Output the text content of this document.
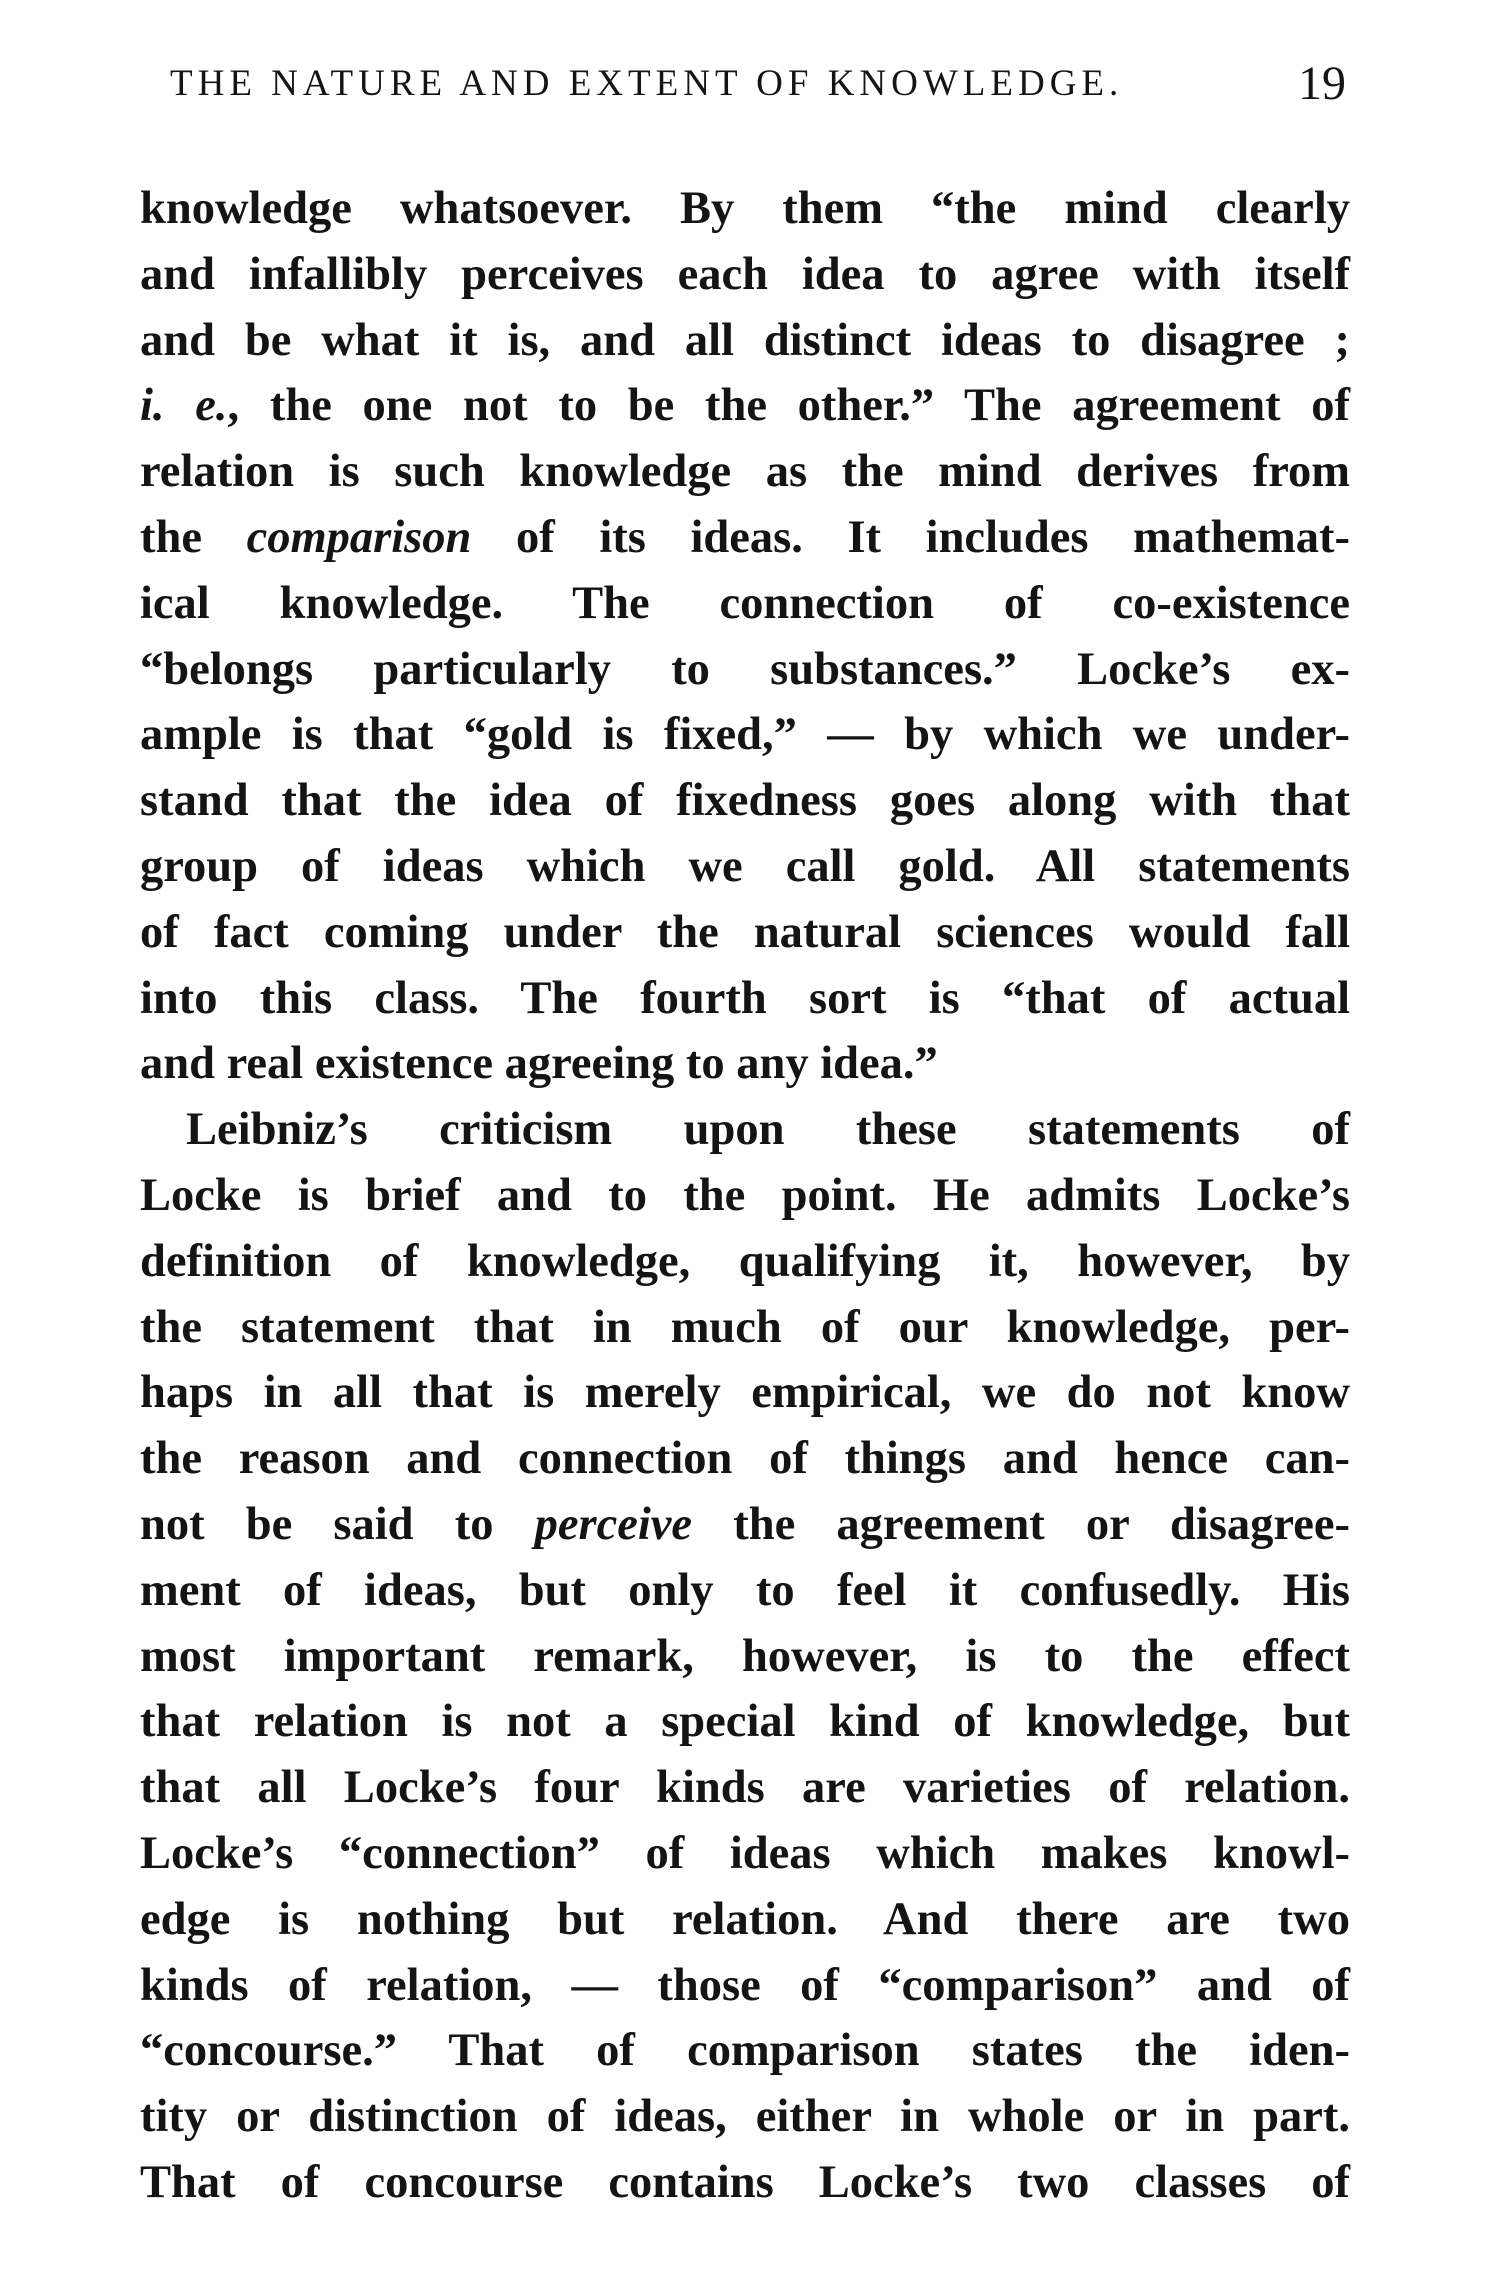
THE NATURE AND EXTENT OF KNOWLEDGE.	19

knowledge whatsoever. By them “the mind clearly
and infallibly perceives each idea to agree with itself
and be what it is, and all distinct ideas to disagree ;
i. e., the one not to be the other.” The agreement of
relation is such knowledge as the mind derives from
the comparison of its ideas. It includes mathemat-
ical knowledge. The connection of co-existence
“belongs particularly to substances.” Locke’s ex-
ample is that “gold is fixed,” — by which we under-
stand that the idea of fixedness goes along with that
group of ideas which we call gold. All statements
of fact coming under the natural sciences would fall
into this class. The fourth sort is “that of actual
and real existence agreeing to any idea.”

Leibniz’s criticism upon these statements of
Locke is brief and to the point. He admits Locke’s
definition of knowledge, qualifying it, however, by
the statement that in much of our knowledge, per-
haps in all that is merely empirical, we do not know
the reason and connection of things and hence can-
not be said to perceive the agreement or disagree-
ment of ideas, but only to feel it confusedly. His
most important remark, however, is to the effect
that relation is not a special kind of knowledge, but
that all Locke’s four kinds are varieties of relation.
Locke’s “connection” of ideas which makes knowl-
edge is nothing but relation. And there are two
kinds of relation, — those of “comparison” and of
“concourse.” That of comparison states the iden-
tity or distinction of ideas, either in whole or in part.
That of concourse contains Locke’s two classes of
